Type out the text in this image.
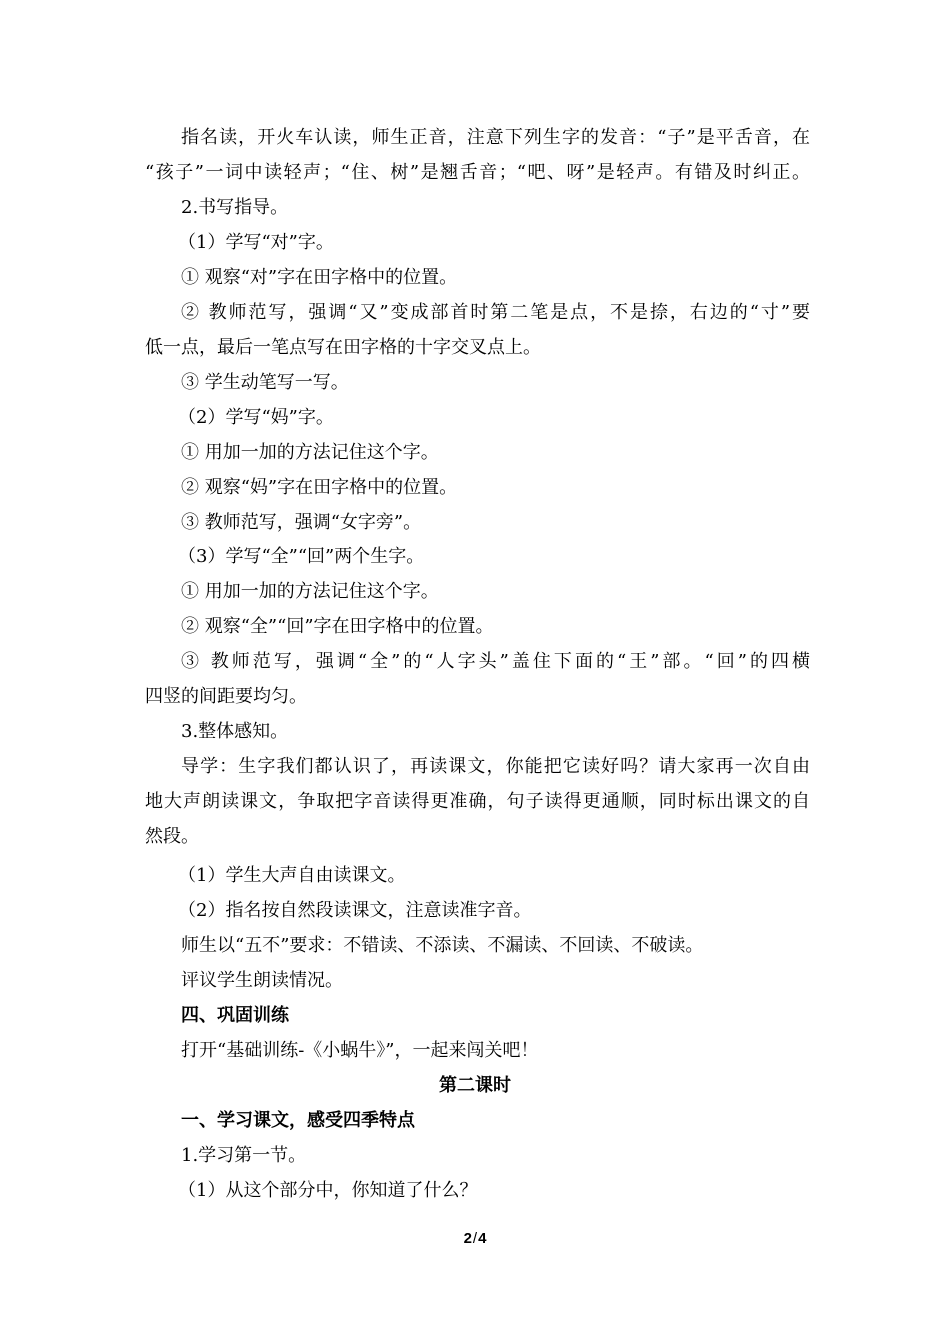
指名读，开火车认读，师生正音，注意下列生字的发音：“子”是平舌音，在
“孩子”一词中读轻声；“住、树”是翘舌音；“吧、呀”是轻声。有错及时纠正。
2.书写指导。
（1）学写“对”字。
① 观察“对”字在田字格中的位置。
② 教师范写，强调“又”变成部首时第二笔是点，不是捺，右边的“寸”要
低一点，最后一笔点写在田字格的十字交叉点上。
③ 学生动笔写一写。
（2）学写“妈”字。
① 用加一加的方法记住这个字。
② 观察“妈”字在田字格中的位置。
③ 教师范写，强调“女字旁”。
（3）学写“全”“回”两个生字。
① 用加一加的方法记住这个字。
② 观察“全”“回”字在田字格中的位置。
③ 教师范写，强调“全”的“人字头”盖住下面的“王”部。“回”的四横
四竖的间距要均匀。
3.整体感知。
导学：生字我们都认识了，再读课文，你能把它读好吗？请大家再一次自由
地大声朗读课文，争取把字音读得更准确，句子读得更通顺，同时标出课文的自
然段。
（1）学生大声自由读课文。
（2）指名按自然段读课文，注意读准字音。
师生以“五不”要求：不错读、不添读、不漏读、不回读、不破读。
评议学生朗读情况。
四、巩固训练
打开“基础训练-《小蜗牛》”，一起来闯关吧！
第二课时
一、学习课文，感受四季特点
1.学习第一节。
（1）从这个部分中，你知道了什么？
2/4
